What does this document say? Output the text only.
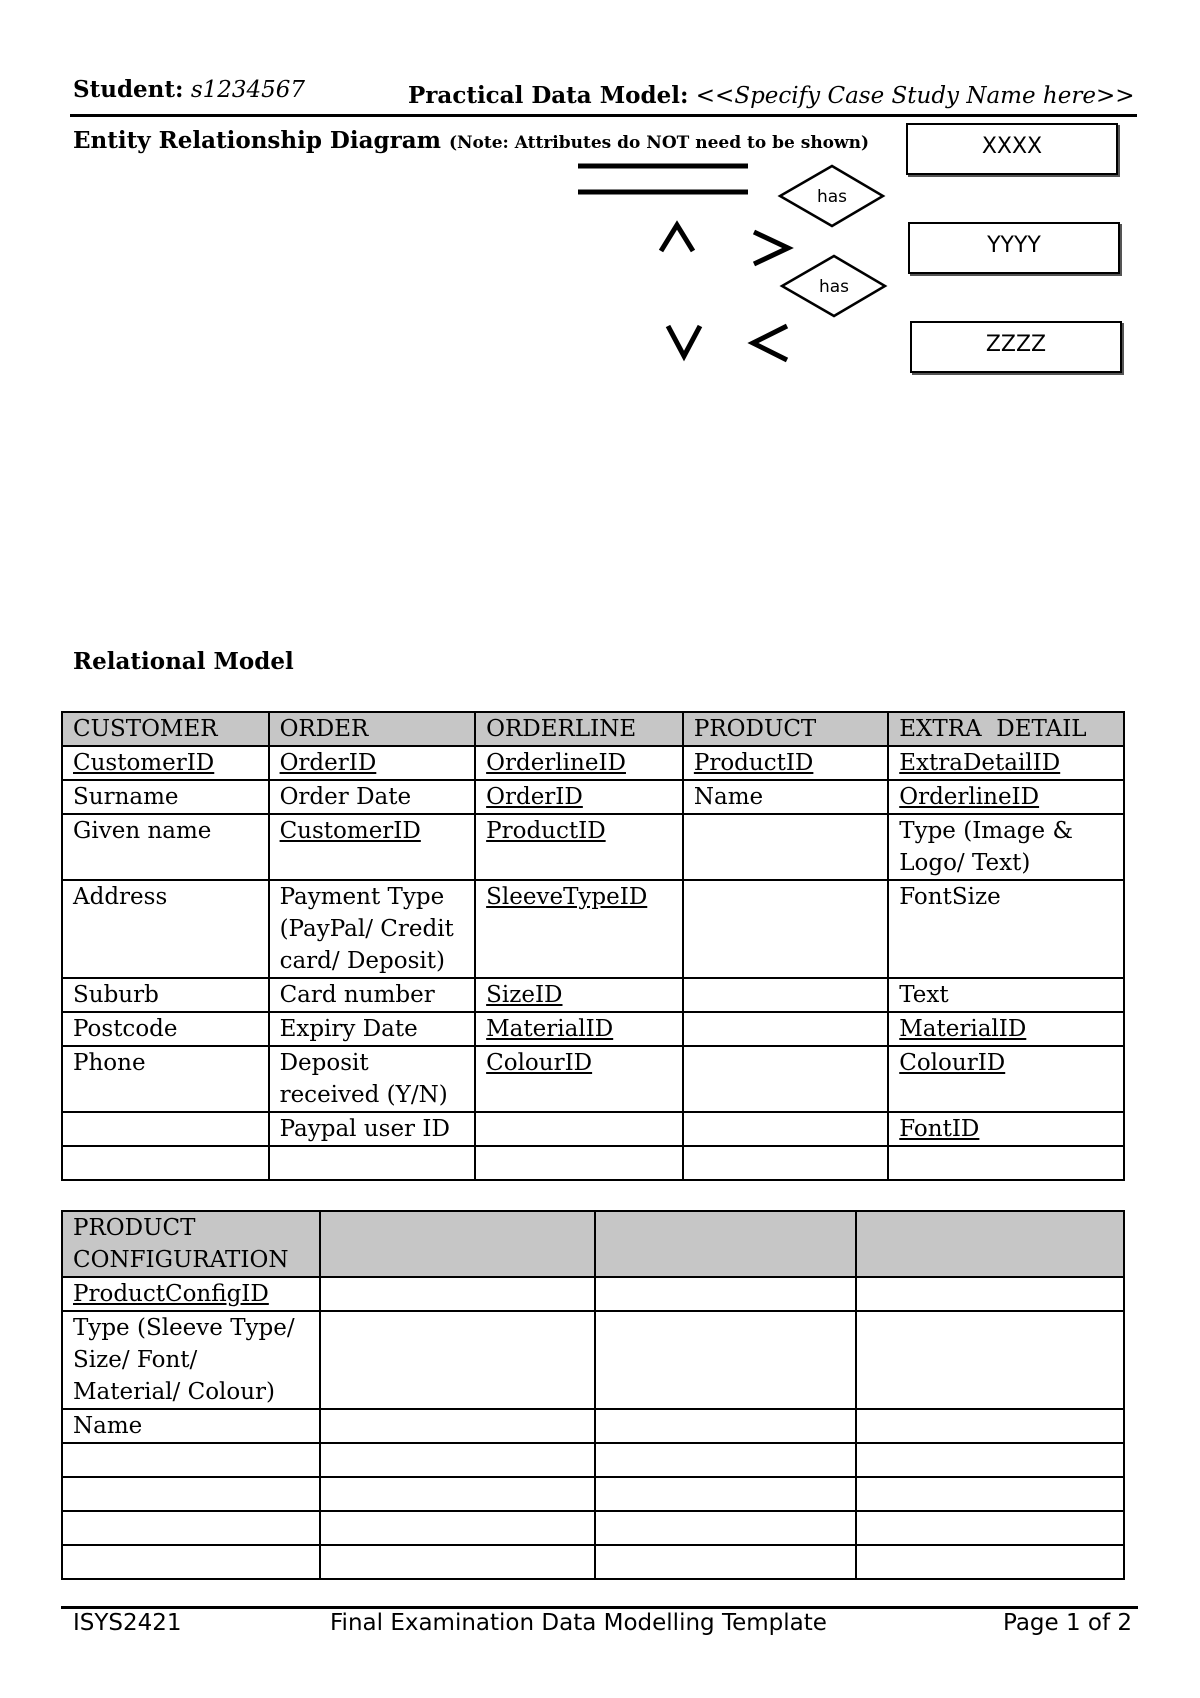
Student: s1234567	Practical Data Model: <<Specify Case Study Name here>>
Entity Relationship Diagram (Note: Attributes do NOT need to be shown)
has
has
XXXX
YYYY
ZZZZ
Relational Model
CUSTOMER	ORDER	ORDERLINE	PRODUCT	EXTRA  DETAIL
CustomerID	OrderID	OrderlineID	ProductID	ExtraDetailID
Surname	Order Date	OrderID	Name	OrderlineID
Given name	CustomerID	ProductID		Type (Image & Logo/ Text)
Address	Payment Type (PayPal/ Credit card/ Deposit)	SleeveTypeID		FontSize
Suburb	Card number	SizeID		Text
Postcode	Expiry Date	MaterialID		MaterialID
Phone	Deposit received (Y/N)	ColourID		ColourID
	Paypal user ID			FontID

PRODUCT CONFIGURATION			
ProductConfigID			
Type (Sleeve Type/ Size/ Font/ Material/ Colour)			
Name			

ISYS2421	Final Examination Data Modelling Template	Page 1 of 2
